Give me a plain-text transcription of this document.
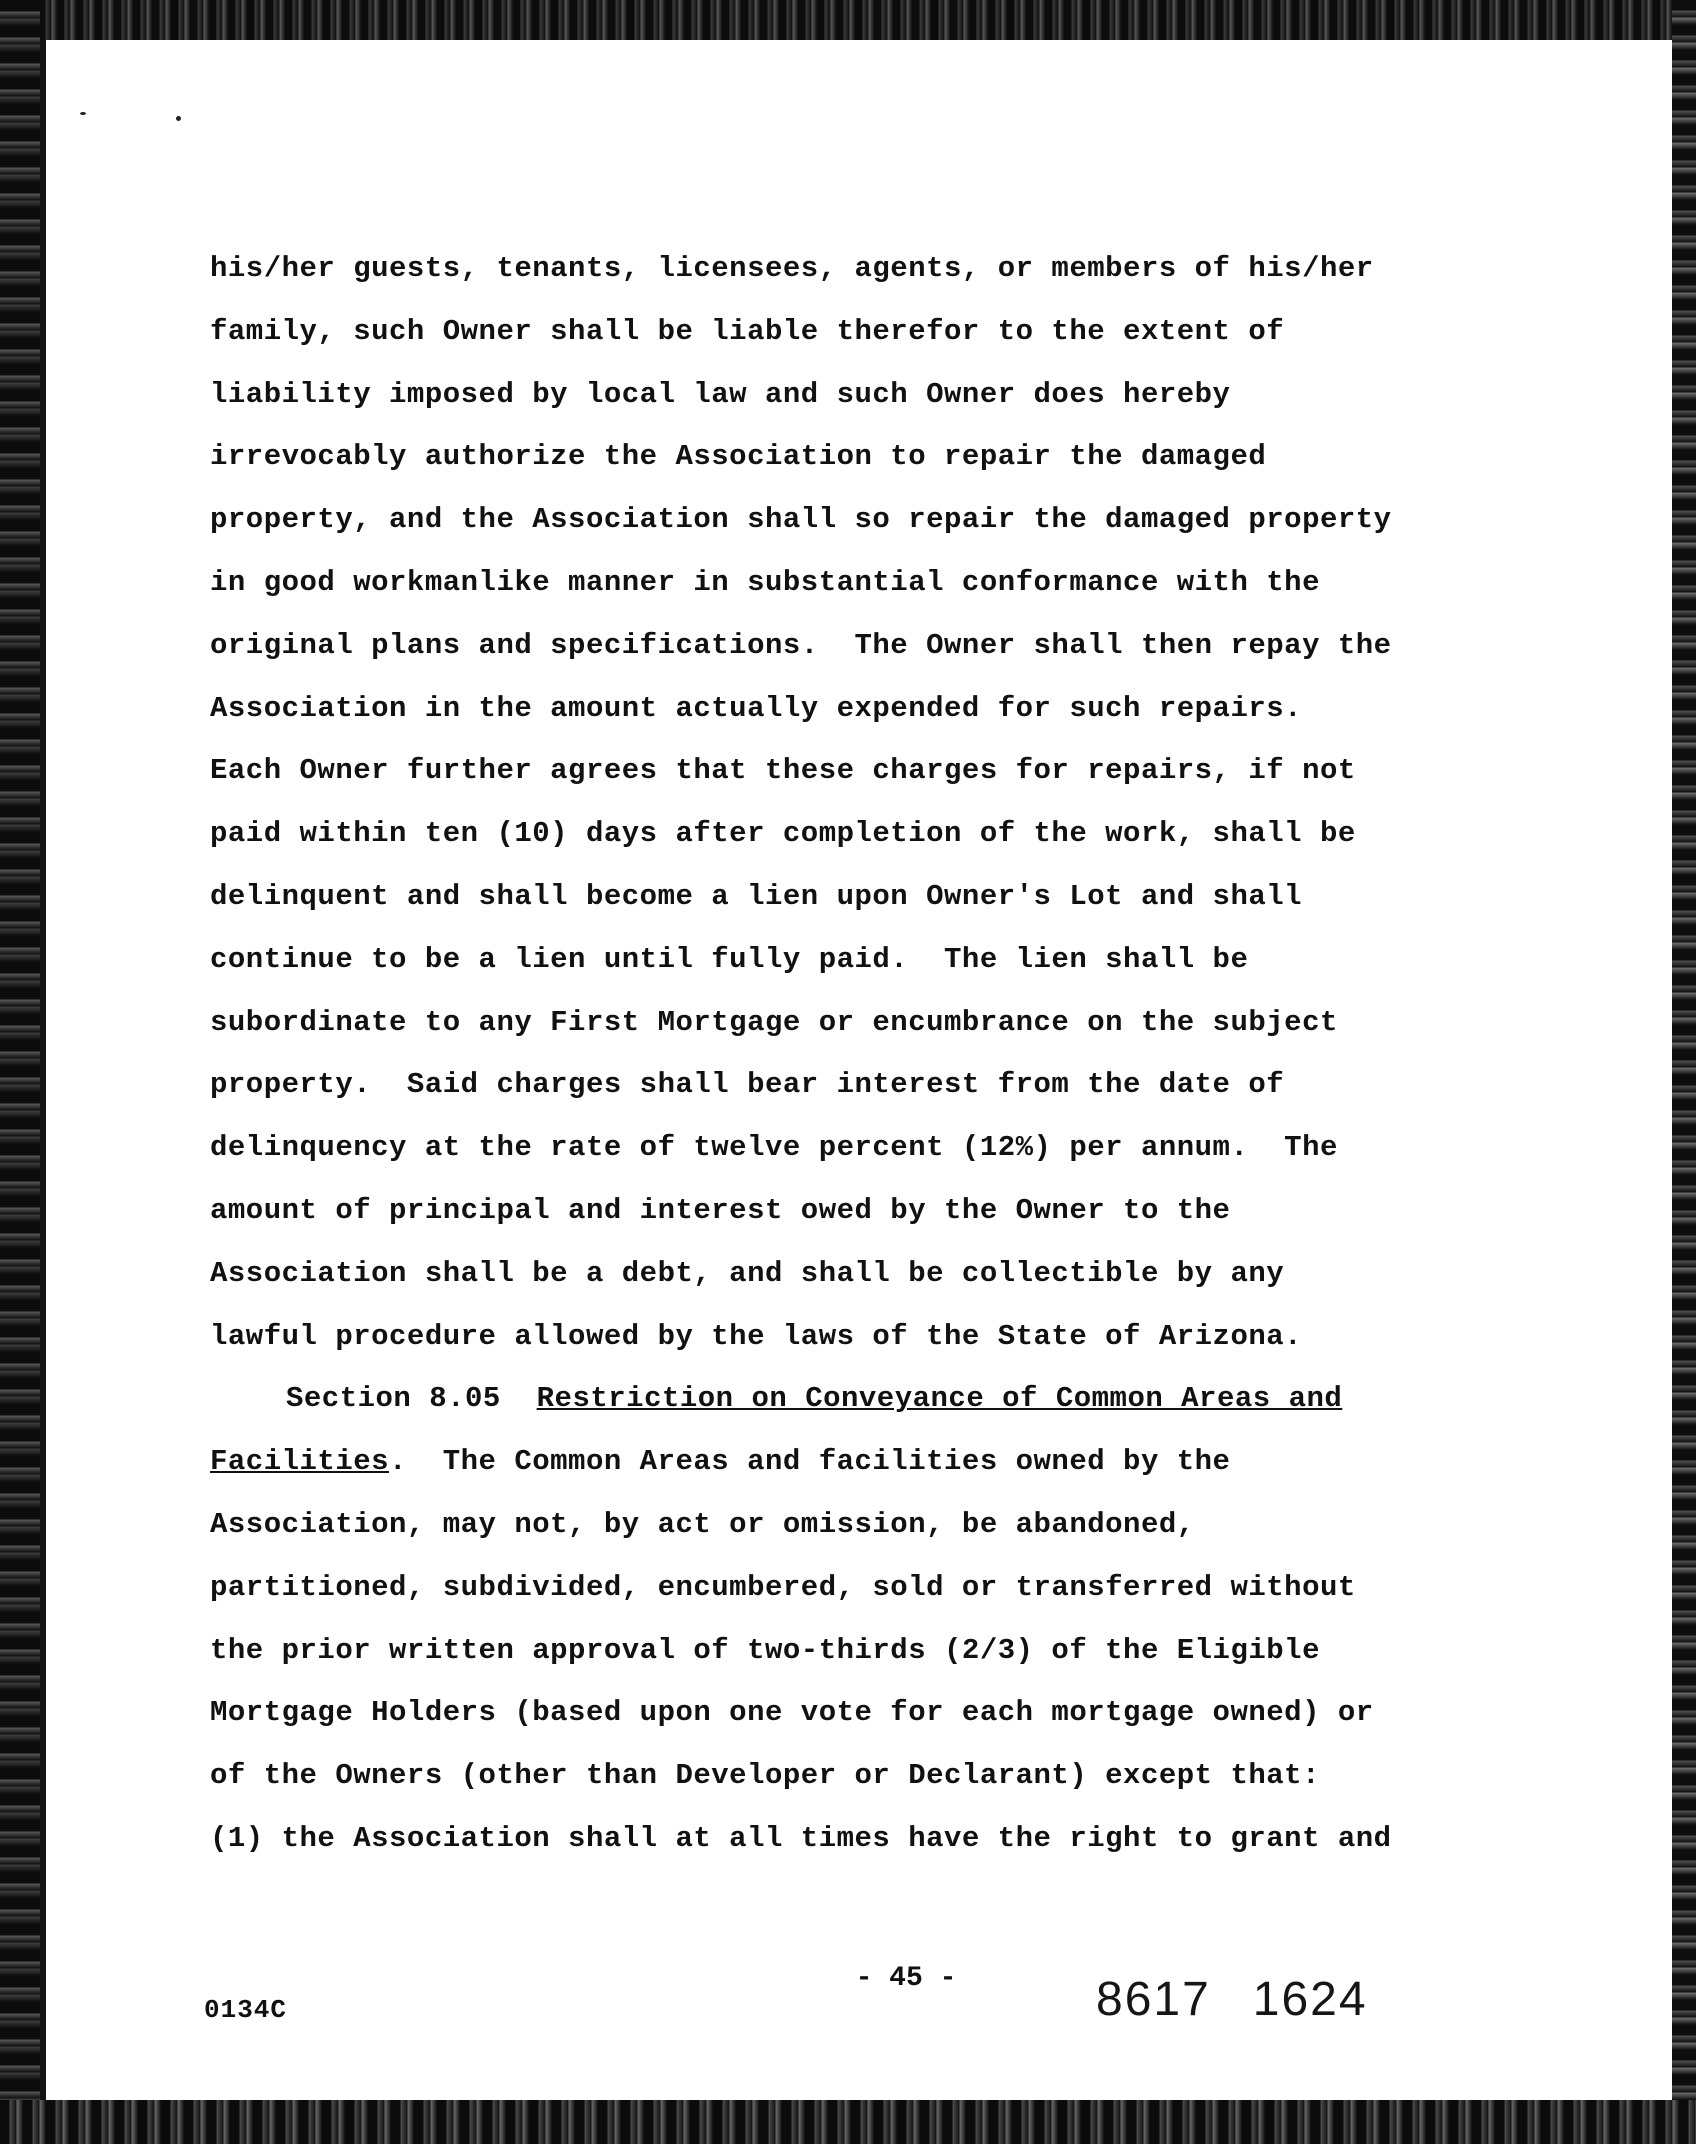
his/her guests, tenants, licensees, agents, or members of his/her
family, such Owner shall be liable therefor to the extent of
liability imposed by local law and such Owner does hereby
irrevocably authorize the Association to repair the damaged
property, and the Association shall so repair the damaged property
in good workmanlike manner in substantial conformance with the
original plans and specifications.  The Owner shall then repay the
Association in the amount actually expended for such repairs.
Each Owner further agrees that these charges for repairs, if not
paid within ten (10) days after completion of the work, shall be
delinquent and shall become a lien upon Owner's Lot and shall
continue to be a lien until fully paid.  The lien shall be
subordinate to any First Mortgage or encumbrance on the subject
property.  Said charges shall bear interest from the date of
delinquency at the rate of twelve percent (12%) per annum.  The
amount of principal and interest owed by the Owner to the
Association shall be a debt, and shall be collectible by any
lawful procedure allowed by the laws of the State of Arizona.
Section 8.05 Restriction on Conveyance of Common Areas and
Facilities.  The Common Areas and facilities owned by the
Association, may not, by act or omission, be abandoned,
partitioned, subdivided, encumbered, sold or transferred without
the prior written approval of two-thirds (2/3) of the Eligible
Mortgage Holders (based upon one vote for each mortgage owned) or
of the Owners (other than Developer or Declarant) except that:
(1) the Association shall at all times have the right to grant and
- 45 -
0134C	8617 1624
